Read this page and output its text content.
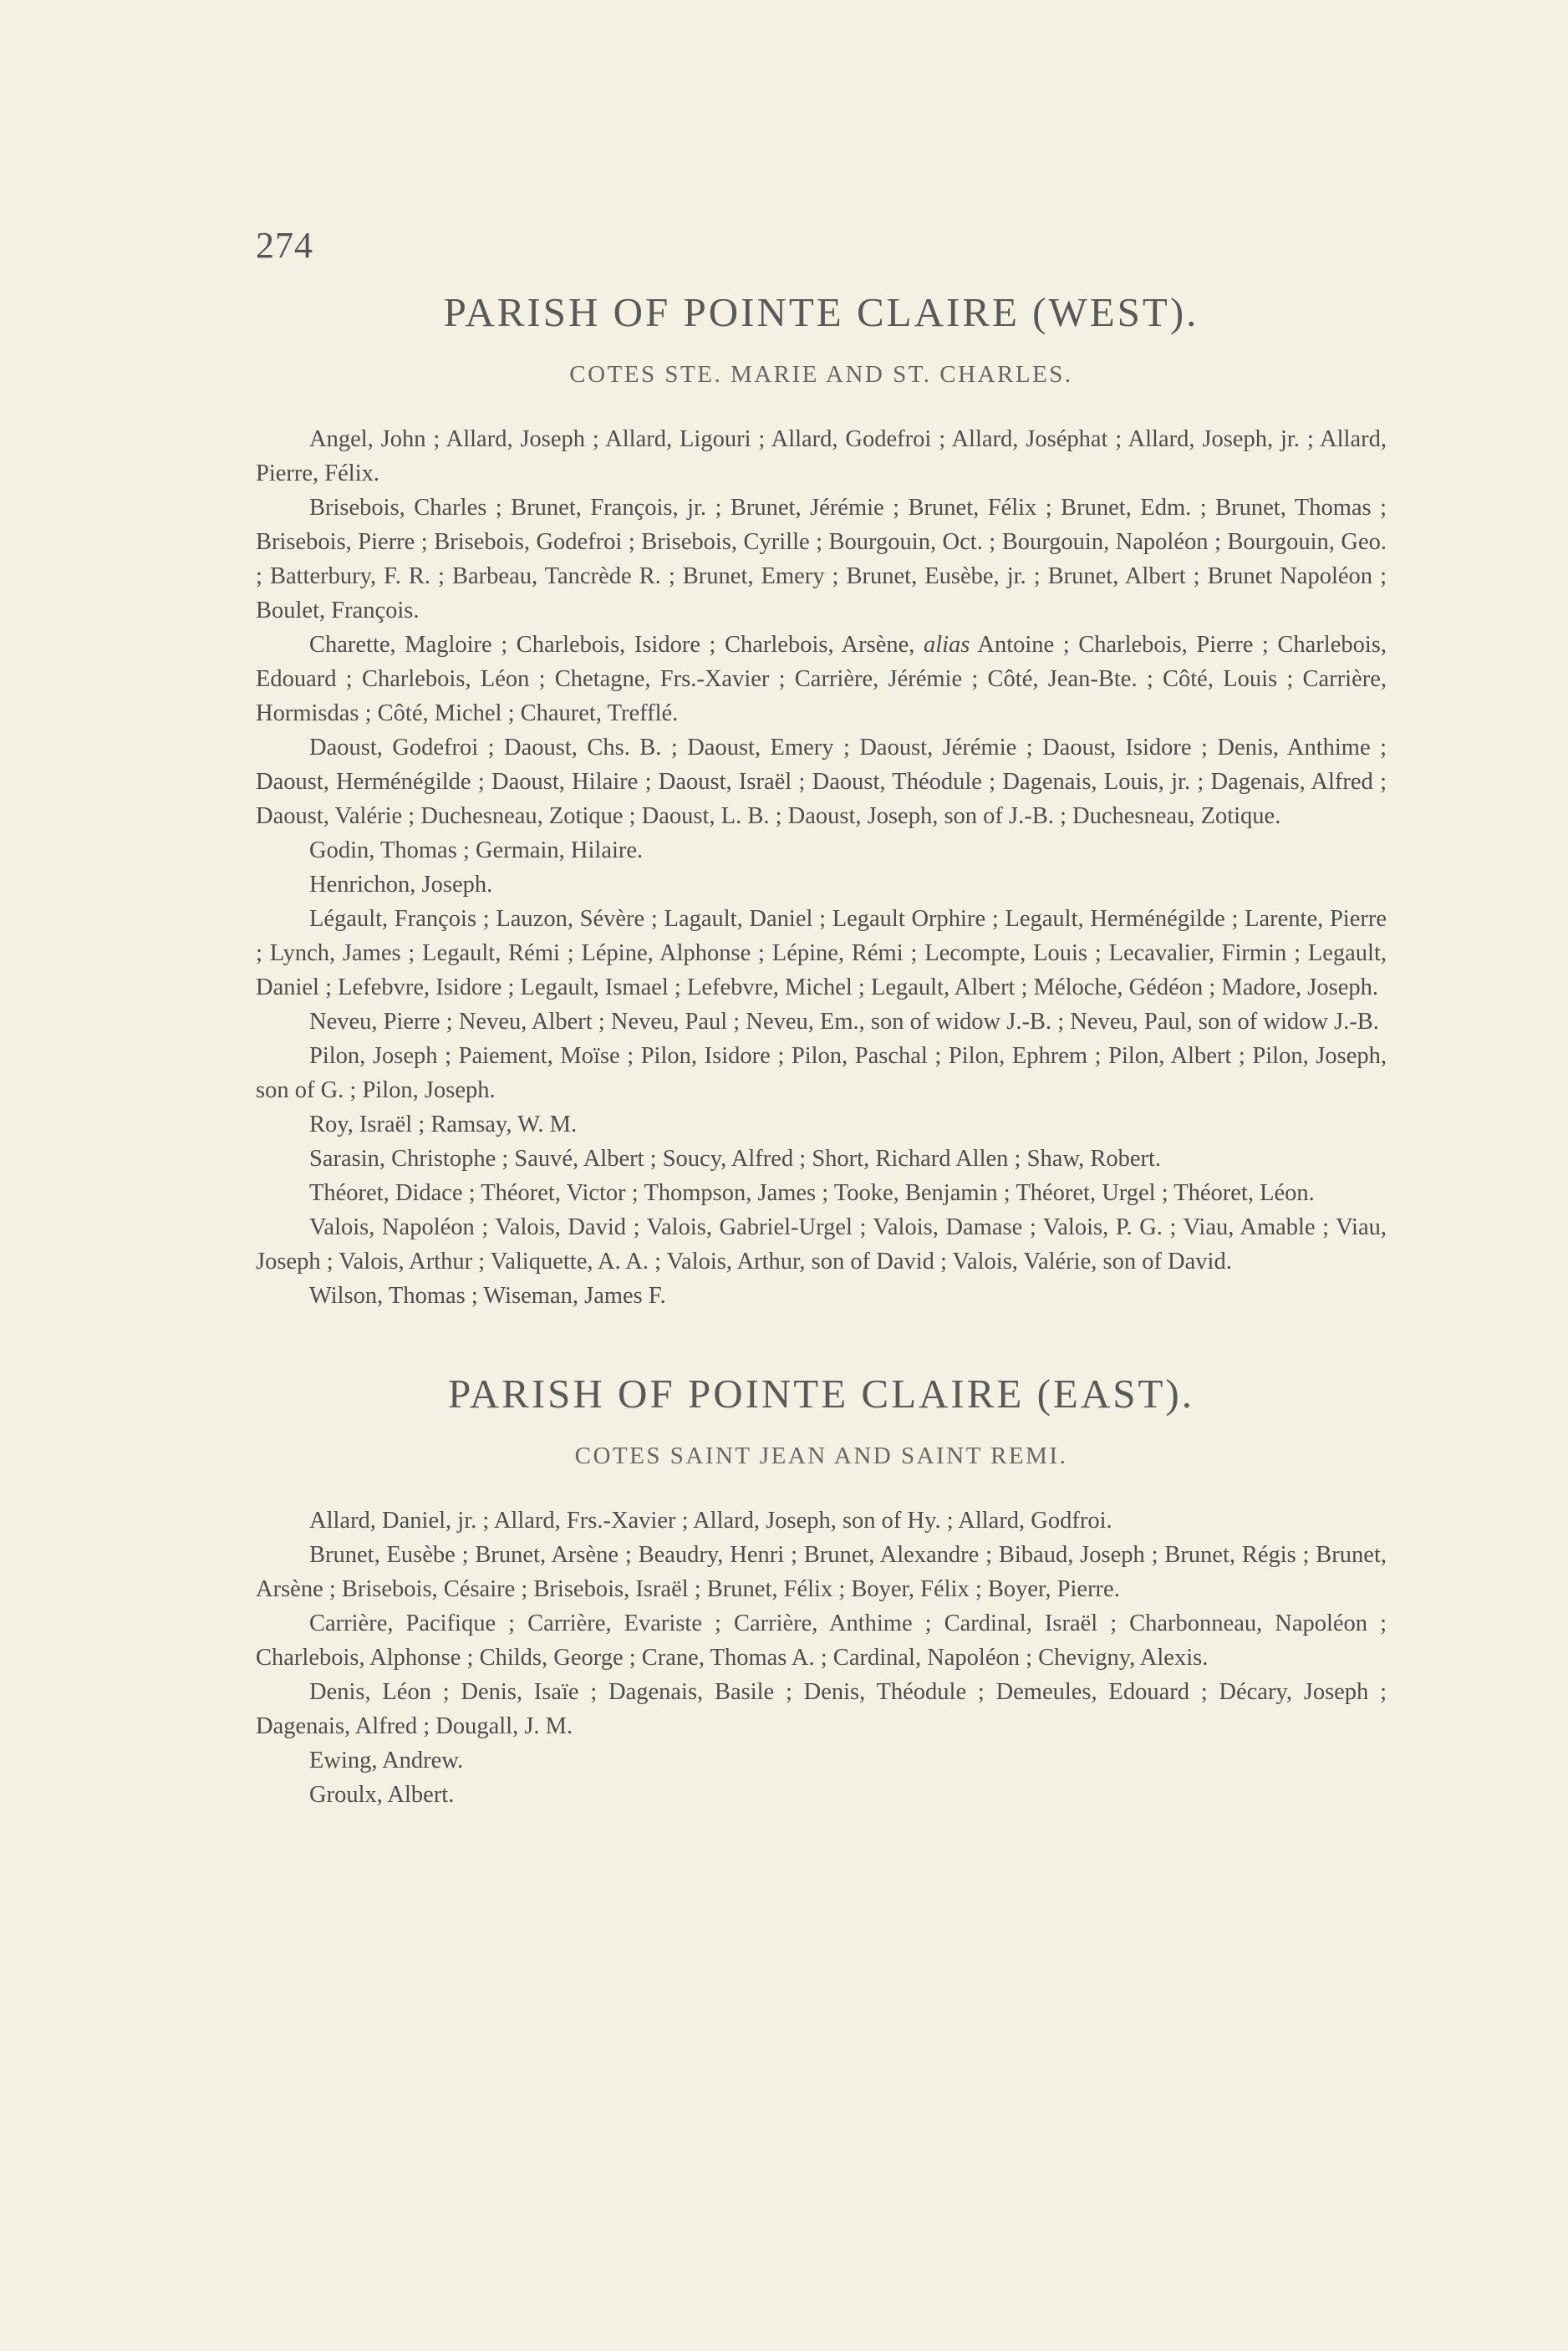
274
PARISH OF POINTE CLAIRE (WEST).
COTES STE. MARIE AND ST. CHARLES.

Angel, John ; Allard, Joseph ; Allard, Ligouri ; Allard, Godefroi ; Allard, Joséphat ; Allard, Joseph, jr. ; Allard, Pierre, Félix.

Brisebois, Charles ; Brunet, François, jr. ; Brunet, Jérémie ; Brunet, Félix ; Brunet, Edm. ; Brunet, Thomas ; Brisebois, Pierre ; Brisebois, Godefroi ; Brisebois, Cyrille ; Bourgouin, Oct. ; Bourgouin, Napoléon ; Bourgouin, Geo. ; Batterbury, F. R. ; Barbeau, Tancrède R. ; Brunet, Emery ; Brunet, Eusèbe, jr. ; Brunet, Albert ; Brunet Napoléon ; Boulet, François.

Charette, Magloire ; Charlebois, Isidore ; Charlebois, Arsène, alias Antoine ; Charlebois, Pierre ; Charlebois, Edouard ; Charlebois, Léon ; Chetagne, Frs.-Xavier ; Carrière, Jérémie ; Côté, Jean-Bte. ; Côté, Louis ; Carrière, Hormisdas ; Côté, Michel ; Chauret, Trefflé.

Daoust, Godefroi ; Daoust, Chs. B. ; Daoust, Emery ; Daoust, Jérémie ; Daoust, Isidore ; Denis, Anthime ; Daoust, Herménégilde ; Daoust, Hilaire ; Daoust, Israël ; Daoust, Théodule ; Dagenais, Louis, jr. ; Dagenais, Alfred ; Daoust, Valérie ; Duchesneau, Zotique ; Daoust, L. B. ; Daoust, Joseph, son of J.-B. ; Duchesneau, Zotique.

Godin, Thomas ; Germain, Hilaire.

Henrichon, Joseph.

Légault, François ; Lauzon, Sévère ; Lagault, Daniel ; Legault Orphire ; Legault, Herménégilde ; Larente, Pierre ; Lynch, James ; Legault, Rémi ; Lépine, Alphonse ; Lépine, Rémi ; Lecompte, Louis ; Lecavalier, Firmin ; Legault, Daniel ; Lefebvre, Isidore ; Legault, Ismael ; Lefebvre, Michel ; Legault, Albert ; Méloche, Gédéon ; Madore, Joseph.

Neveu, Pierre ; Neveu, Albert ; Neveu, Paul ; Neveu, Em., son of widow J.-B. ; Neveu, Paul, son of widow J.-B.

Pilon, Joseph ; Paiement, Moïse ; Pilon, Isidore ; Pilon, Paschal ; Pilon, Ephrem ; Pilon, Albert ; Pilon, Joseph, son of G. ; Pilon, Joseph.

Roy, Israël ; Ramsay, W. M.

Sarasin, Christophe ; Sauvé, Albert ; Soucy, Alfred ; Short, Richard Allen ; Shaw, Robert.

Théoret, Didace ; Théoret, Victor ; Thompson, James ; Tooke, Benjamin ; Théoret, Urgel ; Théoret, Léon.

Valois, Napoléon ; Valois, David ; Valois, Gabriel-Urgel ; Valois, Damase ; Valois, P. G. ; Viau, Amable ; Viau, Joseph ; Valois, Arthur ; Valiquette, A. A. ; Valois, Arthur, son of David ; Valois, Valérie, son of David.

Wilson, Thomas ; Wiseman, James F.

PARISH OF POINTE CLAIRE (EAST).
COTES SAINT JEAN AND SAINT REMI.

Allard, Daniel, jr. ; Allard, Frs.-Xavier ; Allard, Joseph, son of Hy. ; Allard, Godfroi.

Brunet, Eusèbe ; Brunet, Arsène ; Beaudry, Henri ; Brunet, Alexandre ; Bibaud, Joseph ; Brunet, Régis ; Brunet, Arsène ; Brisebois, Césaire ; Brisebois, Israël ; Brunet, Félix ; Boyer, Félix ; Boyer, Pierre.

Carrière, Pacifique ; Carrière, Evariste ; Carrière, Anthime ; Cardinal, Israël ; Charbonneau, Napoléon ; Charlebois, Alphonse ; Childs, George ; Crane, Thomas A. ; Cardinal, Napoléon ; Chevigny, Alexis.

Denis, Léon ; Denis, Isaïe ; Dagenais, Basile ; Denis, Théodule ; Demeules, Edouard ; Décary, Joseph ; Dagenais, Alfred ; Dougall, J. M.

Ewing, Andrew.

Groulx, Albert.
